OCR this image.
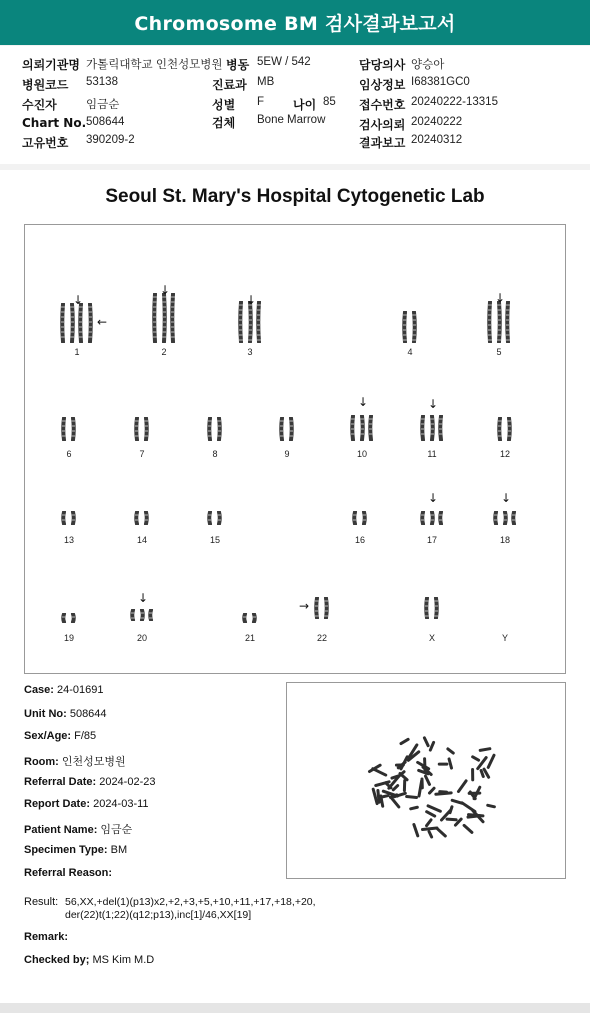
Chromosome BM 검사결과보고서
의뢰기관명 가톨릭대학교 인천성모병원 병동 5EW / 542	담당의사 양승아
병원코드 53138	진료과 MB	임상정보 I68381GC0
수진자	임금순	성별 F 나이 85 접수번호 20240222-13315
Chart No. 508644	검체 Bone Marrow	검사의뢰 20240222
고유번호 390209-2	결과보고 20240312
Seoul St. Mary's Hospital Cytogenetic Lab
↓
←
1
↓
2
↓
3	4
↓
5
6	7	8	9
↓
10
↓
11	12
13	14	15	16
↓
17
↓
18
19
↓
20	21
→
22	X	Y
Case: 24-01691
Unit No: 508644
Sex/Age: F/85
Room: 인천성모병원
Referral Date: 2024-02-23
Report Date: 2024-03-11
Patient Name: 임금순
Specimen Type: BM
Referral Reason:
Result: 56,XX,+del(1)(p13)x2,+2,+3,+5,+10,+11,+17,+18,+20,
der(22)t(1;22)(q12;p13),inc[1]/46,XX[19]
Remark:
Checked by; MS Kim M.D
